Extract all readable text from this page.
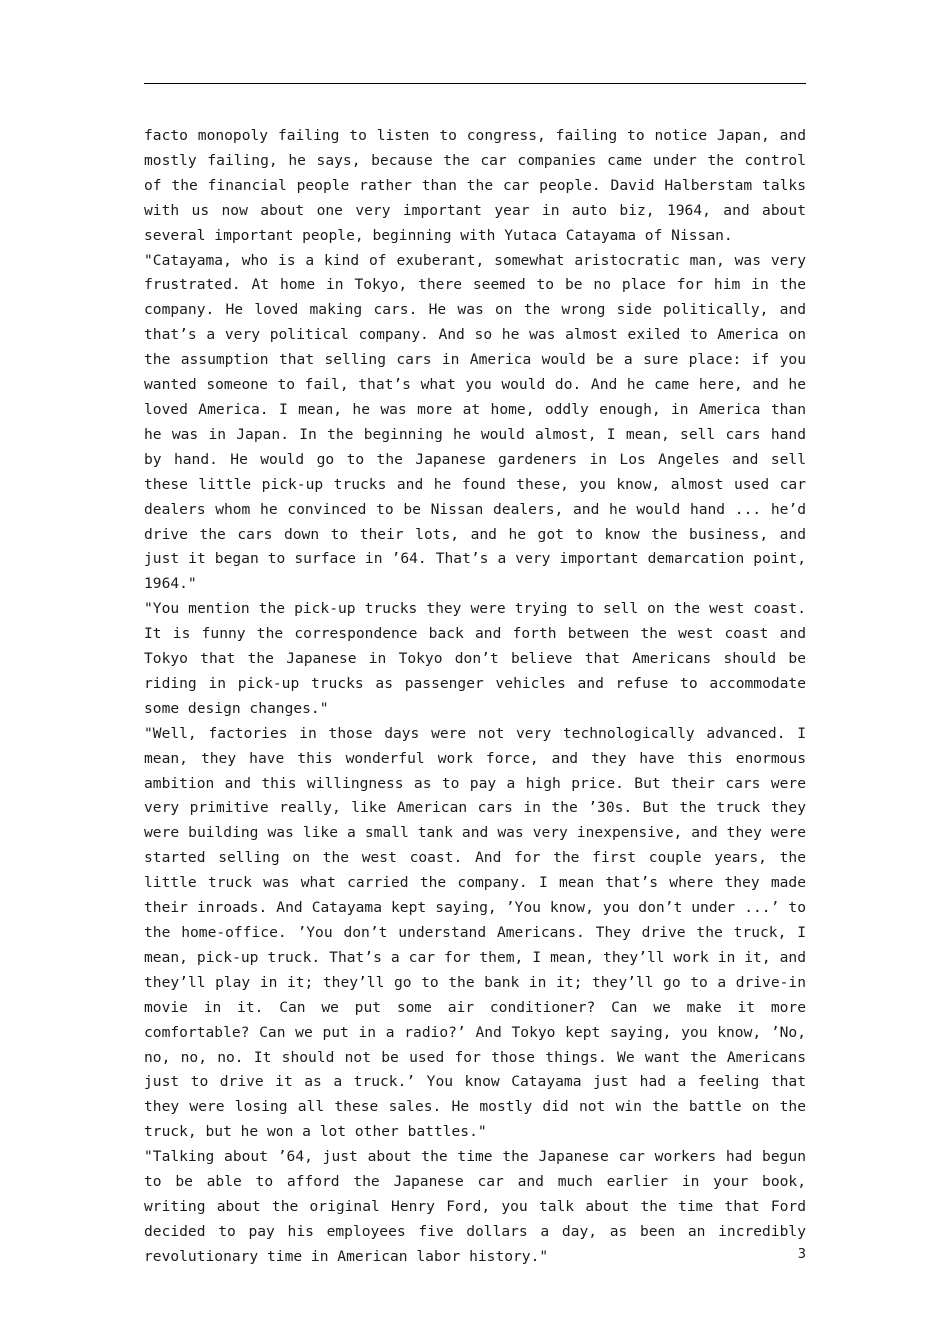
facto monopoly failing to listen to congress, failing to notice Japan, and mostly failing, he says, because the car companies came under the control of the financial people rather than the car people. David Halberstam talks with us now about one very important year in auto biz, 1964, and about several important people, beginning with Yutaca Catayama of Nissan.

"Catayama, who is a kind of exuberant, somewhat aristocratic man, was very frustrated. At home in Tokyo, there seemed to be no place for him in the company. He loved making cars. He was on the wrong side politically, and that’s a very political company. And so he was almost exiled to America on the assumption that selling cars in America would be a sure place: if you wanted someone to fail, that’s what you would do. And he came here, and he loved America. I mean, he was more at home, oddly enough, in America than he was in Japan. In the beginning he would almost, I mean, sell cars hand by hand. He would go to the Japanese gardeners in Los Angeles and sell these little pick-up trucks and he found these, you know, almost used car dealers whom he convinced to be Nissan dealers, and he would hand ... he’d drive the cars down to their lots, and he got to know the business, and just it began to surface in ’64. That’s a very important demarcation point, 1964."

"You mention the pick-up trucks they were trying to sell on the west coast. It is funny the correspondence back and forth between the west coast and Tokyo that the Japanese in Tokyo don’t believe that Americans should be riding in pick-up trucks as passenger vehicles and refuse to accommodate some design changes."

"Well, factories in those days were not very technologically advanced. I mean, they have this wonderful work force, and they have this enormous ambition and this willingness as to pay a high price. But their cars were very primitive really, like American cars in the ’30s. But the truck they were building was like a small tank and was very inexpensive, and they were started selling on the west coast. And for the first couple years, the little truck was what carried the company. I mean that’s where they made their inroads. And Catayama kept saying, ’You know, you don’t under ...’ to the home-office. ’You don’t understand Americans. They drive the truck, I mean, pick-up truck. That’s a car for them, I mean, they’ll work in it, and they’ll play in it; they’ll go to the bank in it; they’ll go to a drive-in movie in it. Can we put some air conditioner? Can we make it more comfortable? Can we put in a radio?’ And Tokyo kept saying, you know, ’No, no, no, no. It should not be used for those things. We want the Americans just to drive it as a truck.’ You know Catayama just had a feeling that they were losing all these sales. He mostly did not win the battle on the truck, but he won a lot other battles."

"Talking about ’64, just about the time the Japanese car workers had begun to be able to afford the Japanese car and much earlier in your book, writing about the original Henry Ford, you talk about the time that Ford decided to pay his employees five dollars a day, as been an incredibly revolutionary time in American labor history."	3
